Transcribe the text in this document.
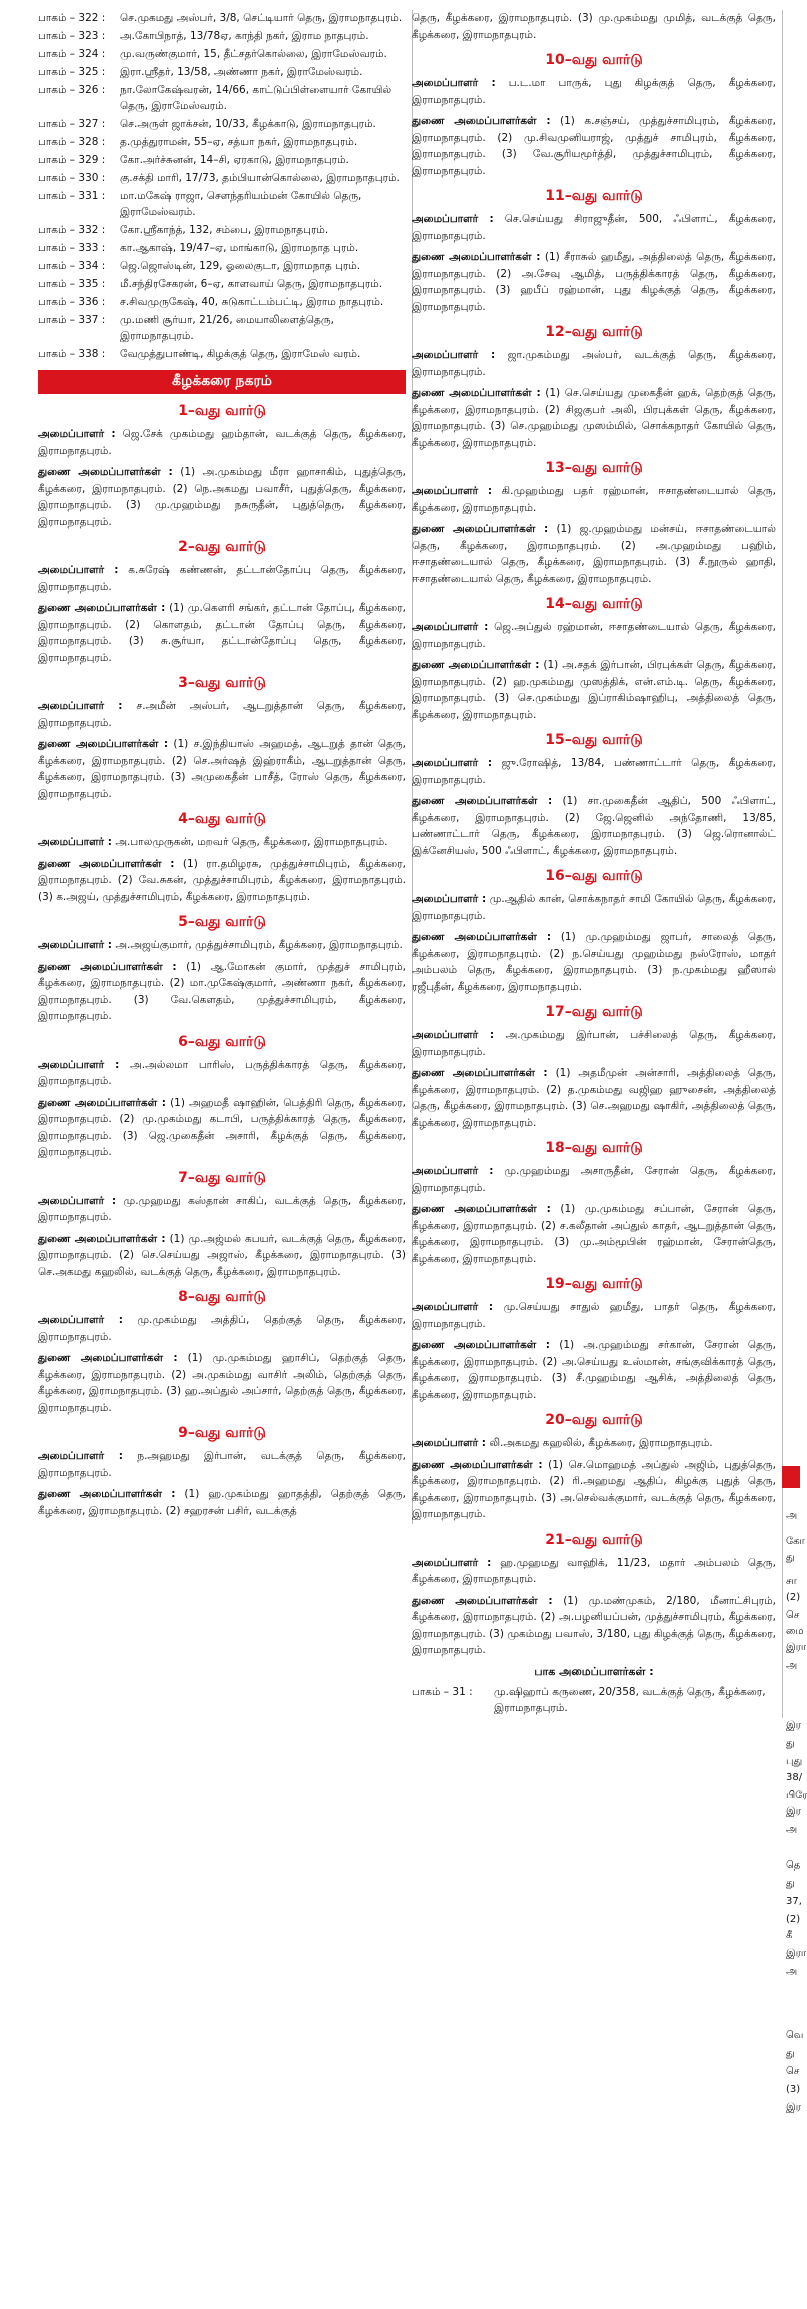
பாகம் – 322 :	செ.முகமது அஸ்பர், 3/8, செட்டியார் தெரு, இராமநாதபுரம்.
பாகம் – 323 :	அ.கோபிநாத், 13/78ஏ, காந்தி நகர், இராம நாதபுரம்.
பாகம் – 324 :	மு.வருண்குமார், 15, தீட்சதர்கொல்லை, இராமேஸ்வரம்.
பாகம் – 325 :	இரா.ஸ்ரீதர், 13/58, அண்ணா நகர், இராமேஸ்வரம்.
பாகம் – 326 :	நா.லோகேஷ்வரன், 14/66, காட்டுப்பிள்ளையார் கோயில் தெரு, இராமேஸ்வரம்.
பாகம் – 327 :	செ.அருள் ஜாக்சன், 10/33, கீழக்காடு, இராமநாதபுரம்.
பாகம் – 328 :	த.முத்துராமன், 55–ஏ, சத்யா நகர், இராமநாதபுரம்.
பாகம் – 329 :	கோ.அர்ச்சுனன், 14–சி, ஏரகாடு, இராமநாதபுரம்.
பாகம் – 330 :	கு.சக்தி மாரி, 17/73, தம்பியான்கொல்லை, இராமநாதபுரம்.
பாகம் – 331 :	மா.மகேஷ் ராஜா, சௌந்தரியம்மன் கோயில் தெரு, இராமேஸ்வரம்.
பாகம் – 332 :	கோ.ஸ்ரீகாந்த், 132, சம்பை, இராமநாதபுரம்.
பாகம் – 333 :	கா.ஆகாஷ், 19/47–ஏ, மாங்காடு, இராமநாத புரம்.
பாகம் – 334 :	ஜெ.ஜொஸ்டின், 129, ஓலைகுடா, இராமநாத புரம்.
பாகம் – 335 :	மீ.சந்திரசேகரன், 6–ஏ, காளவாய் தெரு, இராமநாதபுரம்.
பாகம் – 336 :	ச.சிவமுருகேஷ், 40, சுடுகாட்டம்பட்டி, இராம நாதபுரம்.
பாகம் – 337 :	மு.மணி சூர்யா, 21/26, மையாலிளைத்தெரு, இராமநாதபுரம்.
பாகம் – 338 :	வேமுத்துபாண்டி, கிழக்குத் தெரு, இராமேஸ் வரம்.
கீழக்கரை நகரம்
1–வது வார்டு

அமைப்பாளர் : ஜெ.சேக் முகம்மது ஹம்தான், வடக்குத் தெரு, கீழக்கரை, இராமநாதபுரம்.

துணை அமைப்பாளர்கள் : (1) அ.முகம்மது மீரா ஹாசாகிம், புதுத்தெரு, கீழக்கரை, இராமநாதபுரம். (2) நெ.அகமது பவாசீர், புதுத்தெரு, கீழக்கரை, இராமநாதபுரம். (3) மு.முஹம்மது நசுருதீன், புதுத்தெரு, கீழக்கரை, இராமநாதபுரம்.

2–வது வார்டு

அமைப்பாளர் : க.சுரேஷ் கண்ணன், தட்டான்தோப்பு தெரு, கீழக்கரை, இராமநாதபுரம்.

துணை அமைப்பாளர்கள் : (1) மு.கௌரி சங்கர், தட்டான் தோப்பு, கீழக்கரை, இராமநாதபுரம். (2) கொளதம், தட்டான் தோப்பு தெரு, கீழக்கரை, இராமநாதபுரம். (3) சு.சூர்யா, தட்டான்தோப்பு தெரு, கீழக்கரை, இராமநாதபுரம்.

3–வது வார்டு

அமைப்பாளர் : ச.அமீன் அஸ்பர், ஆடறுத்தான் தெரு, கீழக்கரை, இராமநாதபுரம்.

துணை அமைப்பாளர்கள் : (1) ச.இந்தியாஸ் அஹமத், ஆடறுத் தான் தெரு, கீழக்கரை, இராமநாதபுரம். (2) செ.அர்ஷத் இஹ்ராகீம், ஆடறுத்தான் தெரு, கீழக்கரை, இராமநாதபுரம். (3) அமுகைதீன் பாசீத், ரோஸ் தெரு, கீழக்கரை, இராமநாதபுரம்.

4–வது வார்டு

அமைப்பாளர் : அ.பாலமுருகன், மறவர் தெரு, கீழக்கரை, இராமநாதபுரம்.

துணை அமைப்பாளர்கள் : (1) ரா.தமிழரசு, முத்துச்சாமிபுரம், கீழக்கரை, இராமநாதபுரம். (2) வே.சுகன், முத்துச்சாமிபுரம், கீழக்கரை, இராமநாதபுரம். (3) க.அஜய், முத்துச்சாமிபுரம், கீழக்கரை, இராமநாதபுரம்.

5–வது வார்டு

அமைப்பாளர் : அ.அஜய்குமார், முத்துச்சாமிபுரம், கீழக்கரை, இராமநாதபுரம்.

துணை அமைப்பாளர்கள் : (1) ஆ.மோகன் குமார், முத்துச் சாமிபுரம், கீழக்கரை, இராமநாதபுரம். (2) மா.முகேஷ்குமார், அண்ணா நகர், கீழக்கரை, இராமநாதபுரம். (3) வே.கௌதம், முத்துச்சாமிபுரம், கீழக்கரை, இராமநாதபுரம்.

6–வது வார்டு

அமைப்பாளர் : அ.அல்லமா பாரிஸ், பருத்திக்காரத் தெரு, கீழக்கரை, இராமநாதபுரம்.

துணை அமைப்பாளர்கள் : (1) அஹமதீ ஷாஹின், பெத்திரி தெரு, கீழக்கரை, இராமநாதபுரம். (2) மு.முகம்மது கடாபி, பருத்திக்காரத் தெரு, கீழக்கரை, இராமநாதபுரம். (3) ஜெ.முகைதீன் அசாரி, கீழக்குத் தெரு, கீழக்கரை, இராமநாதபுரம்.

7–வது வார்டு

அமைப்பாளர் : மு.முஹமது கஸ்தான் சாகிப், வடக்குத் தெரு, கீழக்கரை, இராமநாதபுரம்.

துணை அமைப்பாளர்கள் : (1) மு.அஜ்மல் கபயர், வடக்குத் தெரு, கீழக்கரை, இராமநாதபுரம். (2) செ.செய்யது அஜாஸ், கீழக்கரை, இராமநாதபுரம். (3) செ.அகமது கஹலில், வடக்குத் தெரு, கீழக்கரை, இராமநாதபுரம்.

8–வது வார்டு

அமைப்பாளர் : மு.முகம்மது அத்திப், தெற்குத் தெரு, கீழக்கரை, இராமநாதபுரம்.

துணை அமைப்பாளர்கள் : (1) மு.முகம்மது ஹாசிப், தெற்குத் தெரு, கீழக்கரை, இராமநாதபுரம். (2) அ.முகம்மது வாசிர் அலிம், தெற்குத் தெரு, கீழக்கரை, இராமநாதபுரம். (3) ஹ.அப்துல் அப்சார், தெற்குத் தெரு, கீழக்கரை, இராமநாதபுரம்.

9–வது வார்டு

அமைப்பாளர் : ந.அஹமது இர்பான், வடக்குத் தெரு, கீழக்கரை, இராமநாதபுரம்.

துணை அமைப்பாளர்கள் : (1) ஹ.முகம்மது ஹாதத்தி, தெற்குத் தெரு, கீழக்கரை, இராமநாதபுரம். (2) சஹரசன் பசிர், வடக்குத்

தெரு, கீழக்கரை, இராமநாதபுரம். (3) மு.முகம்மது முமித், வடக்குத் தெரு, கீழக்கரை, இராமநாதபுரம்.

10–வது வார்டு

அமைப்பாளர் : ப.ட.மா பாருக், புது கிழக்குத் தெரு, கீழக்கரை, இராமநாதபுரம்.

துணை அமைப்பாளர்கள் : (1) க.சஞ்சய், முத்துச்சாமிபுரம், கீழக்கரை, இராமநாதபுரம். (2) மு.சிவமுனியராஜ், முத்துச் சாமிபுரம், கீழக்கரை, இராமநாதபுரம். (3) வே.சூரியமூர்த்தி, முத்துச்சாமிபுரம், கீழக்கரை, இராமநாதபுரம்.

11–வது வார்டு

அமைப்பாளர் : செ.செய்யது சிராஜுதீன், 500, ஃபிளாட், கீழக்கரை, இராமநாதபுரம்.

துணை அமைப்பாளர்கள் : (1) சீராசுல் ஹமீது, அத்திலைத் தெரு, கீழக்கரை, இராமநாதபுரம். (2) அ.சேவு ஆமித், பருத்திக்காரத் தெரு, கீழக்கரை, இராமநாதபுரம். (3) ஹபீப் ரஹ்மான், புது கிழக்குத் தெரு, கீழக்கரை, இராமநாதபுரம்.

12–வது வார்டு

அமைப்பாளர் : ஜா.முகம்மது அஸ்பர், வடக்குத் தெரு, கீழக்கரை, இராமநாதபுரம்.

துணை அமைப்பாளர்கள் : (1) செ.செய்யது முகைதீன் ஹக், தெற்குத் தெரு, கீழக்கரை, இராமநாதபுரம். (2) சிஜகுபர் அலி, பிரபுக்கள் தெரு, கீழக்கரை, இராமநாதபுரம். (3) செ.முஹம்மது முஸம்மில், சொக்கநாதர் கோயில் தெரு, கீழக்கரை, இராமநாதபுரம்.

13–வது வார்டு

அமைப்பாளர் : கி.முஹம்மது பதர் ரஹ்மான், ஈசாதண்டையால் தெரு, கீழக்கரை, இராமநாதபுரம்.

துணை அமைப்பாளர்கள் : (1) ஜ.முஹம்மது மன்சய், ஈசாதண்டையால் தெரு, கீழக்கரை, இராமநாதபுரம். (2) அ.முஹம்மது பஹிம், ஈசாதண்டையால் தெரு, கீழக்கரை, இராமநாதபுரம். (3) சீ.நூருல் ஹாதி, ஈசாதண்டையால் தெரு, கீழக்கரை, இராமநாதபுரம்.

14–வது வார்டு

அமைப்பாளர் : ஜெ.அப்துல் ரஹ்மான், ஈசாதண்டையால் தெரு, கீழக்கரை, இராமநாதபுரம்.

துணை அமைப்பாளர்கள் : (1) அ.சதக் இர்பான், பிரபுக்கள் தெரு, கீழக்கரை, இராமநாதபுரம். (2) ஹ.முகம்மது முஸத்திக், என்.எம்.டி. தெரு, கீழக்கரை, இராமநாதபுரம். (3) செ.முகம்மது இப்ராகிம்ஷாஹிபு, அத்திலைத் தெரு, கீழக்கரை, இராமநாதபுரம்.

15–வது வார்டு

அமைப்பாளர் : ஜு.ரோஷித், 13/84, பண்ணாட்டார் தெரு, கீழக்கரை, இராமநாதபுரம்.

துணை அமைப்பாளர்கள் : (1) சா.முகைதீன் ஆதிப், 500 ஃபிளாட், கீழக்கரை, இராமநாதபுரம். (2) ஜே.ஜெனில் அந்தோணி, 13/85, பண்ணாட்டார் தெரு, கீழக்கரை, இராமநாதபுரம். (3) ஜெ.ரொனால்ட் இக்னேசியஸ், 500 ஃபிளாட், கீழக்கரை, இராமநாதபுரம்.

16–வது வார்டு

அமைப்பாளர் : மு.ஆதில் கான், சொக்கநாதர் சாமி கோயில் தெரு, கீழக்கரை, இராமநாதபுரம்.

துணை அமைப்பாளர்கள் : (1) மு.முஹம்மது ஜாபர், சாலைத் தெரு, கீழக்கரை, இராமநாதபுரம். (2) ந.செய்யது முஹம்மது நஸ்ரோஸ், மாதர் அம்பலம் தெரு, கீழக்கரை, இராமநாதபுரம். (3) ந.முகம்மது ஹீஸால் ரஜீபுதீன், கீழக்கரை, இராமநாதபுரம்.

17–வது வார்டு

அமைப்பாளர் : அ.முகம்மது இர்பான், பச்சிலைத் தெரு, கீழக்கரை, இராமநாதபுரம்.

துணை அமைப்பாளர்கள் : (1) அதமீமுன் அன்சாரி, அத்திலைத் தெரு, கீழக்கரை, இராமநாதபுரம். (2) த.முகம்மது வஜிஹ ஹுசைன், அத்திலைத் தெரு, கீழக்கரை, இராமநாதபுரம். (3) செ.அஹமது ஷாகிர், அத்திலைத் தெரு, கீழக்கரை, இராமநாதபுரம்.

18–வது வார்டு

அமைப்பாளர் : மு.முஹம்மது அசாருதீன், சேரான் தெரு, கீழக்கரை, இராமநாதபுரம்.

துணை அமைப்பாளர்கள் : (1) மு.முகம்மது சப்பான், சேரான் தெரு, கீழக்கரை, இராமநாதபுரம். (2) ச.கலீதான் அப்துல் காதர், ஆடறுத்தான் தெரு, கீழக்கரை, இராமநாதபுரம். (3) மு.அம்மூபின் ரஹ்மான், சேரான்தெரு, கீழக்கரை, இராமநாதபுரம்.

19–வது வார்டு

அமைப்பாளர் : மு.செய்யது சாதுல் ஹமீது, பாதர் தெரு, கீழக்கரை, இராமநாதபுரம்.

துணை அமைப்பாளர்கள் : (1) அ.முஹம்மது சர்கான், சேரான் தெரு, கீழக்கரை, இராமநாதபுரம். (2) அ.செய்யது உஸ்மான், சங்குவிக்காரத் தெரு, கீழக்கரை, இராமநாதபுரம். (3) சீ.முஹம்மது ஆசிக், அத்திலைத் தெரு, கீழக்கரை, இராமநாதபுரம்.

20–வது வார்டு

அமைப்பாளர் : லி.அகமது கஹலில், கீழக்கரை, இராமநாதபுரம்.

துணை அமைப்பாளர்கள் : (1) செ.மொஹமத் அப்துல் அஜிம், புதுத்தெரு, கீழக்கரை, இராமநாதபுரம். (2) ரி.அஹமது ஆதிப், கிழக்கு புதுத் தெரு, கீழக்கரை, இராமநாதபுரம். (3) அ.செல்வக்குமார், வடக்குத் தெரு, கீழக்கரை, இராமநாதபுரம்.

21–வது வார்டு

அமைப்பாளர் : ஹ.முஹமது வாஹிக், 11/23, மதார் அம்பலம் தெரு, கீழக்கரை, இராமநாதபுரம்.

துணை அமைப்பாளர்கள் : (1) மு.மண்முகம், 2/180, மீனாட்சிபுரம், கீழக்கரை, இராமநாதபுரம். (2) அ.பழனியப்பன், முத்துச்சாமிபுரம், கீழக்கரை, இராமநாதபுரம். (3) முகம்மது பவாஸ், 3/180, புது கிழக்குத் தெரு, கீழக்கரை, இராமநாதபுரம்.

பாக அமைப்பாளர்கள் :
பாகம் – 31 :	மு.ஷிஹாப் கருணை, 20/358, வடக்குத் தெரு, கீழக்கரை, இராமநாதபுரம்.
அ
கோ
து
சா
(2)
செ
மை
இரா
அ
இர
து
புது
38/
பிரே
இர
அ
தெ
து
37,
(2)
கீ
இரா
அ
வெ
து
செ
(3)
இர
